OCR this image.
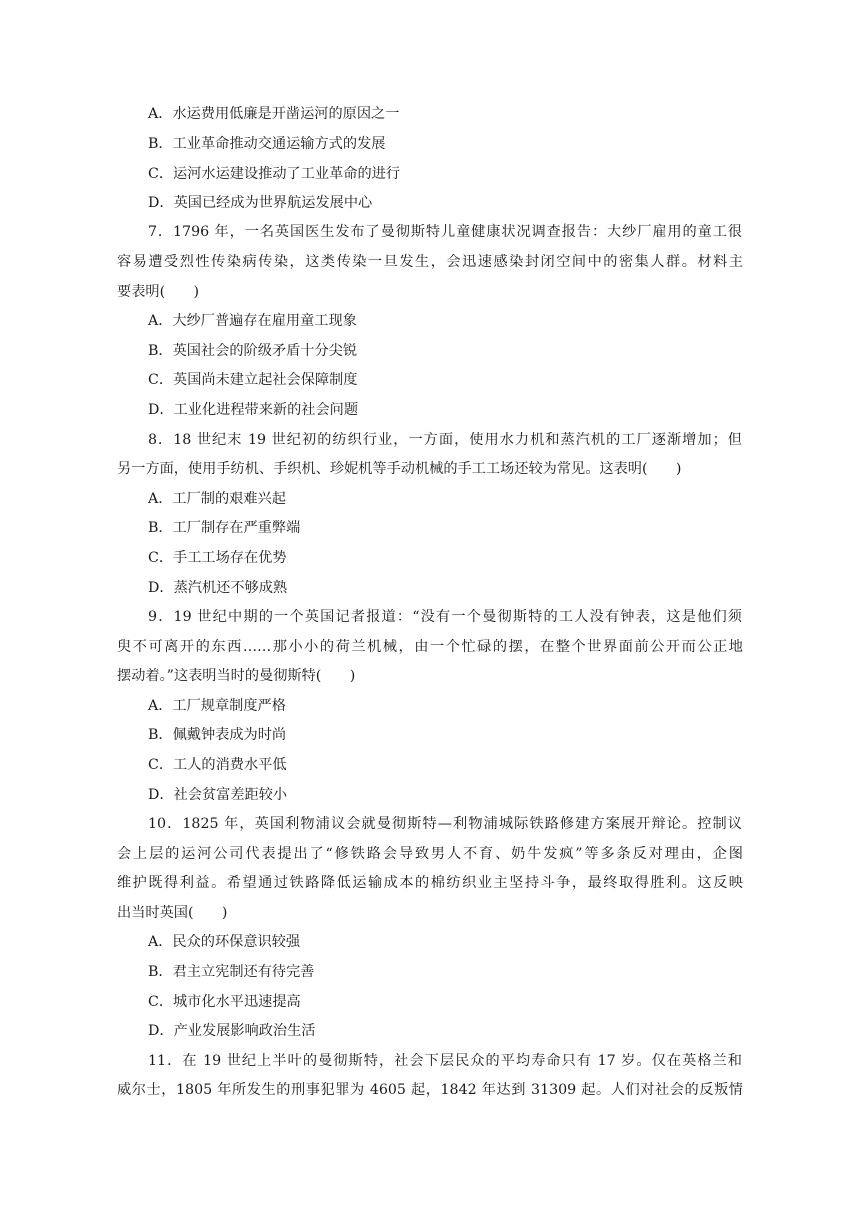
A．水运费用低廉是开凿运河的原因之一
B．工业革命推动交通运输方式的发展
C．运河水运建设推动了工业革命的进行
D．英国已经成为世界航运发展中心
7．1796 年，一名英国医生发布了曼彻斯特儿童健康状况调查报告：大纱厂雇用的童工很
容易遭受烈性传染病传染，这类传染一旦发生，会迅速感染封闭空间中的密集人群。材料主
要表明(　　)
A．大纱厂普遍存在雇用童工现象
B．英国社会的阶级矛盾十分尖锐
C．英国尚未建立起社会保障制度
D．工业化进程带来新的社会问题
8．18 世纪末 19 世纪初的纺织行业，一方面，使用水力机和蒸汽机的工厂逐渐增加；但
另一方面，使用手纺机、手织机、珍妮机等手动机械的手工工场还较为常见。这表明(　　)
A．工厂制的艰难兴起
B．工厂制存在严重弊端
C．手工工场存在优势
D．蒸汽机还不够成熟
9．19 世纪中期的一个英国记者报道：“没有一个曼彻斯特的工人没有钟表，这是他们须
臾不可离开的东西……那小小的荷兰机械，由一个忙碌的摆，在整个世界面前公开而公正地
摆动着。”这表明当时的曼彻斯特(　　)
A．工厂规章制度严格
B．佩戴钟表成为时尚
C．工人的消费水平低
D．社会贫富差距较小
10．1825 年，英国利物浦议会就曼彻斯特—利物浦城际铁路修建方案展开辩论。控制议
会上层的运河公司代表提出了“修铁路会导致男人不育、奶牛发疯”等多条反对理由，企图
维护既得利益。希望通过铁路降低运输成本的棉纺织业主坚持斗争，最终取得胜利。这反映
出当时英国(　　)
A．民众的环保意识较强
B．君主立宪制还有待完善
C．城市化水平迅速提高
D．产业发展影响政治生活
11．在 19 世纪上半叶的曼彻斯特，社会下层民众的平均寿命只有 17 岁。仅在英格兰和
威尔士，1805 年所发生的刑事犯罪为 4605 起，1842 年达到 31309 起。人们对社会的反叛情
